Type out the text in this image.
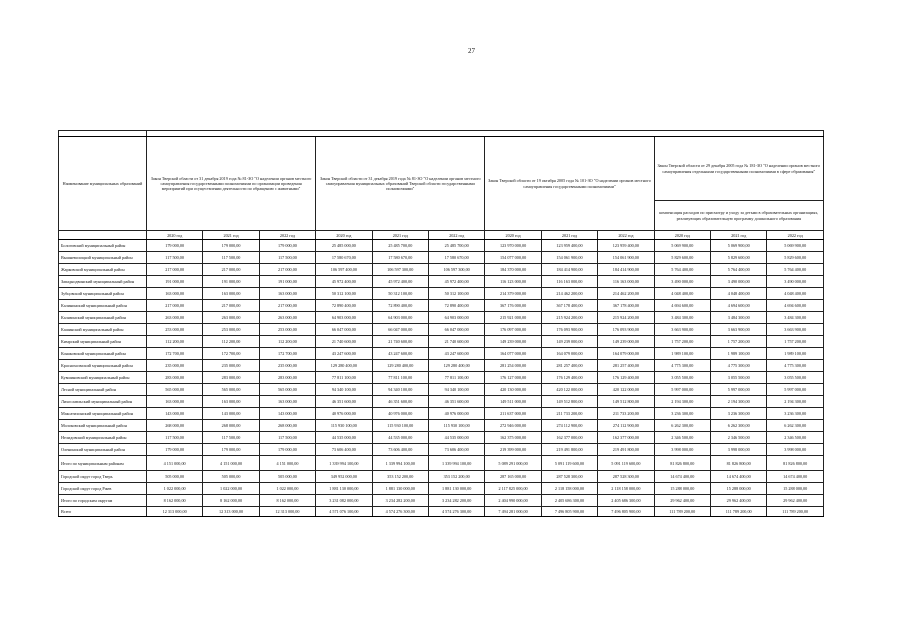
27

Наименование муниципальных образований	Закон Тверской области от 31 декабря 2019 года № 81-ЗО "О наделении органов местного самоуправления государственными полномочиями по организации проведения мероприятий при осуществлении деятельности по обращению с животными"			Закон Тверской области от 31 декабря 2019 года № 81-ЗО "О наделении органов местного самоуправления муниципальных образований Тверской области государственными полномочиями"			Закон Тверской области от 19 октября 2005 года № 101-ЗО "О наделении органов местного самоуправления государственными полномочиями"			Закон Тверской области от 29 декабря 2005 года № 181-ЗО "О наделении органов местного самоуправления отдельными государственными полномочиями в сфере образования"		
										компенсация расходов по присмотру и уходу за детьми в образовательных организациях, реализующих образовательную программу дошкольного образования		
	2020 год	2021 год	2022 год	2020 год	2021 год	2022 год	2020 год	2021 год	2022 год	2020 год	2021 год	2022 год
Бологовский муниципальный район	179 000,00	179 000,00	179 000,00	25 485 000,00	25 485 700,00	25 485 700,00	123 970 000,00	123 959 400,00	123 959 400,00	5 069 900,00	5 069 900,00	5 069 900,00
Вышневолоцкий муниципальный район	117 500,00	117 500,00	117 500,00	17 580 670,00	17 580 670,00	17 580 670,00	154 077 000,00	154 061 900,00	154 061 900,00	5 829 600,00	5 829 600,00	5 829 600,00
Жарковский муниципальный район	217 000,00	217 000,00	217 000,00	106 597 400,00	106 597 300,00	106 597 300,00	184 370 000,00	184 414 900,00	184 414 900,00	5 764 400,00	5 764 400,00	5 764 400,00
Западнодвинский муниципальный район	191 000,00	191 000,00	191 000,00	45 972 400,00	45 972 400,00	45 972 400,00	116 123 000,00	116 163 000,00	116 163 000,00	3 490 000,00	3 490 000,00	3 490 000,00
Зубцовский муниципальный район	163 000,00	163 000,00	163 000,00	50 312 100,00	50 312 100,00	50 312 100,00	214 379 000,00	214 462 200,00	214 462 200,00	4 048 400,00	4 048 400,00	4 048 400,00
Калининский муниципальный район	217 000,00	217 000,00	217 000,00	72 890 400,00	72 890 400,00	72 890 400,00	367 176 000,00	367 178 400,00	367 178 400,00	4 694 600,00	4 694 600,00	4 694 600,00
Калязинский муниципальный район	263 000,00	263 000,00	263 000,00	64 903 000,00	64 903 000,00	64 903 000,00	215 921 000,00	215 924 200,00	215 924 200,00	3 484 300,00	3 484 300,00	3 484 300,00
Кашинский муниципальный район	253 000,00	253 000,00	253 000,00	66 047 000,00	66 047 000,00	66 047 000,00	176 097 000,00	176 093 900,00	176 093 900,00	3 663 900,00	3 663 900,00	3 663 900,00
Кимрский муниципальный район	112 200,00	112 200,00	112 200,00	21 740 600,00	21 740 600,00	21 740 600,00	149 239 000,00	149 239 000,00	149 239 000,00	1 757 200,00	1 757 200,00	1 757 200,00
Конаковский муниципальный район	172 700,00	172 700,00	172 700,00	43 247 600,00	43 247 600,00	43 247 600,00	164 077 000,00	164 079 000,00	164 079 000,00	1 989 100,00	1 989 100,00	1 989 100,00
Краснохолмский муниципальный район	235 000,00	235 000,00	235 000,00	129 280 400,00	129 280 400,00	129 280 400,00	281 254 000,00	281 257 400,00	281 257 400,00	4 775 300,00	4 775 300,00	4 775 300,00
Кувшиновский муниципальный район	283 000,00	283 000,00	283 000,00	77 811 100,00	77 811 100,00	77 811 100,00	176 127 000,00	176 129 400,00	176 129 400,00	3 055 500,00	3 055 500,00	3 055 500,00
Лесной муниципальный район	565 000,00	565 000,00	565 000,00	94 340 100,00	94 340 100,00	94 340 100,00	420 130 000,00	420 122 000,00	420 122 000,00	5 997 000,00	5 997 000,00	5 997 000,00
Лихославльский муниципальный район	163 000,00	163 000,00	163 000,00	46 351 600,00	46 351 600,00	46 351 600,00	149 511 000,00	149 512 800,00	149 512 800,00	2 194 300,00	2 194 300,00	2 194 300,00
Максатихинский муниципальный район	143 000,00	143 000,00	143 000,00	40 976 000,00	40 976 000,00	40 976 000,00	211 637 000,00	211 733 200,00	211 733 200,00	3 236 300,00	3 236 300,00	3 236 300,00
Молоковский муниципальный район	268 000,00	268 000,00	268 000,00	115 930 100,00	115 930 100,00	115 930 100,00	272 946 000,00	274 112 900,00	274 112 900,00	6 262 300,00	6 262 300,00	6 262 300,00
Нелидовский муниципальный район	117 500,00	117 500,00	117 500,00	44 535 000,00	44 535 000,00	44 535 000,00	162 375 000,00	162 377 000,00	162 377 000,00	2 346 500,00	2 346 500,00	2 346 500,00
Оленинский муниципальный район	179 000,00	179 000,00	179 000,00	73 606 400,00	73 606 400,00	73 606 400,00	219 399 000,00	219 491 800,00	219 491 800,00	3 998 000,00	3 998 000,00	3 998 000,00
Итого по муниципальным районам	4 151 000,00	4 151 000,00	4 151 000,00	1 339 994 100,00	1 339 994 100,00	1 339 994 100,00	5 089 291 000,00	5 091 119 600,00	5 091 119 600,00	81 826 800,00	81 826 800,00	81 826 800,00
Городской округ город Тверь	505 000,00	505 000,00	505 000,00	349 952 000,00	353 152 200,00	353 152 200,00	287 165 000,00	287 528 300,00	287 528 300,00	14 674 400,00	14 674 400,00	14 674 400,00
Городской округ город Ржев	1 022 000,00	1 022 000,00	1 022 000,00	1 881 130 000,00	1 881 130 000,00	1 881 130 000,00	2 117 825 000,00	2 118 158 000,00	2 118 158 000,00	15 288 000,00	15 288 000,00	15 288 000,00
Итого по городским округам	8 162 000,00	8 162 000,00	8 162 000,00	3 231 082 000,00	3 234 282 200,00	3 234 282 200,00	2 404 990 000,00	2 405 686 300,00	2 405 686 300,00	29 962 400,00	29 962 400,00	29 962 400,00
Всего	12 313 000,00	12 313 000,00	12 313 000,00	4 571 076 100,00	4 574 276 300,00	4 574 276 300,00	7 494 281 000,00	7 496 805 900,00	7 496 805 900,00	111 789 200,00	111 789 200,00	111 789 200,00
